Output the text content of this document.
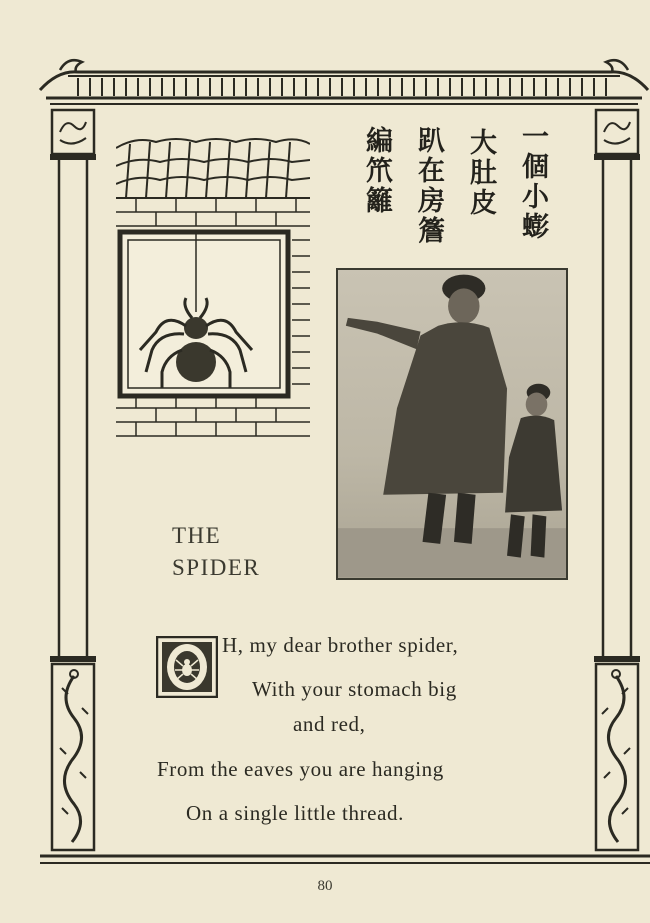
一個小蟛
大肚皮
趴在房簷
編笊籬
THE
SPIDER
H, my dear brother spider,
With your stomach big
and red,
From the eaves you are hanging
On a single little thread.
80
